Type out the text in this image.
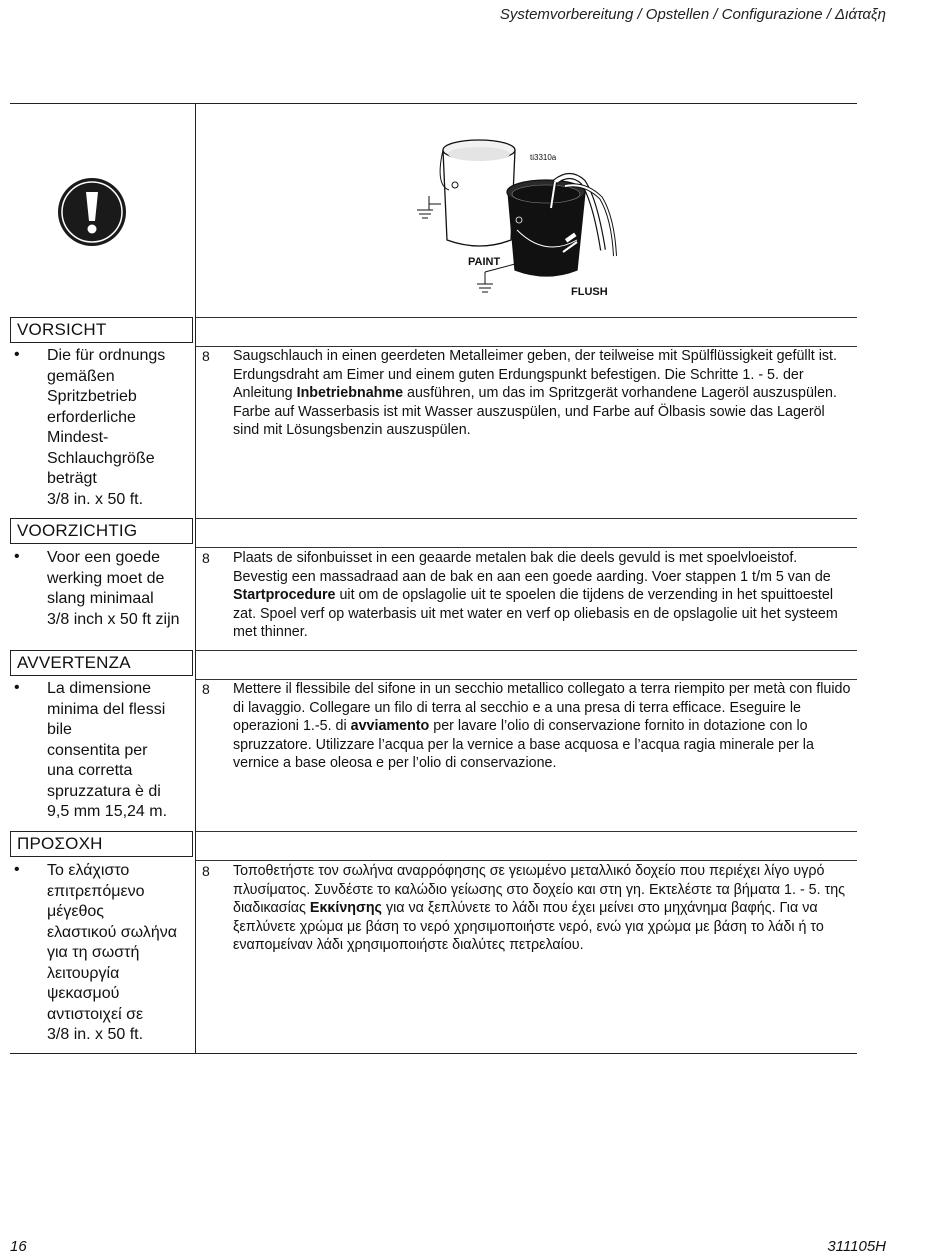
Systemvorbereitung / Opstellen / Configurazione / Διάταξη
ti3310a
PAINT
FLUSH
VORSICHT
• Die für ordnungs
gemäßen
Spritzbetrieb
erforderliche
Mindest-
Schlauchgröße
beträgt
3/8 in. x 50 ft.
8 Saugschlauch in einen geerdeten Metalleimer geben, der teilweise mit Spülflüssigkeit gefüllt ist. Erdungsdraht am Eimer und einem guten Erdungspunkt befestigen. Die Schritte 1. - 5. der Anleitung Inbetriebnahme ausführen, um das im Spritzgerät vorhandene Lageröl auszuspülen. Farbe auf Wasserbasis ist mit Wasser auszuspülen, und Farbe auf Ölbasis sowie das Lageröl sind mit Lösungsbenzin auszuspülen.
VOORZICHTIG
• Voor een goede
werking moet de
slang minimaal
3/8 inch x 50 ft zijn
8 Plaats de sifonbuisset in een geaarde metalen bak die deels gevuld is met spoelvloeistof. Bevestig een massadraad aan de bak en aan een goede aarding. Voer stappen 1 t/m 5 van de Startprocedure uit om de opslagolie uit te spoelen die tijdens de verzending in het spuittoestel zat. Spoel verf op waterbasis uit met water en verf op oliebasis en de opslagolie uit het systeem met thinner.
AVVERTENZA
• La dimensione
minima del flessi
bile
consentita per
una corretta
spruzzatura è di
9,5 mm 15,24 m.
8 Mettere il flessibile del sifone in un secchio metallico collegato a terra riempito per metà con fluido di lavaggio. Collegare un filo di terra al secchio e a una presa di terra efficace. Eseguire le operazioni 1.-5. di avviamento per lavare l’olio di conservazione fornito in dotazione con lo spruzzatore. Utilizzare l’acqua per la vernice a base acquosa e l’acqua ragia minerale per la vernice a base oleosa e per l’olio di conservazione.
ΠΡΟΣΟΧΗ
• Το ελάχιστο
επιτρεπόμενο
μέγεθος
ελαστικού σωλήνα
για τη σωστή
λειτουργία
ψεκασμού
αντιστοιχεί σε
3/8 in. x 50 ft.
8 Τοποθετήστε τον σωλήνα αναρρόφησης σε γειωμένο μεταλλικό δοχείο που περιέχει λίγο υγρό πλυσίματος. Συνδέστε το καλώδιο γείωσης στο δοχείο και στη γη. Εκτελέστε τα βήματα 1. - 5. της διαδικασίας Εκκίνησης για να ξεπλύνετε το λάδι που έχει μείνει στο μηχάνημα βαφής. Για να ξεπλύνετε χρώμα με βάση το νερό χρησιμοποιήστε νερό, ενώ για χρώμα με βάση το λάδι ή το εναπομείναν λάδι χρησιμοποιήστε διαλύτες πετρελαίου.
16	311105H
